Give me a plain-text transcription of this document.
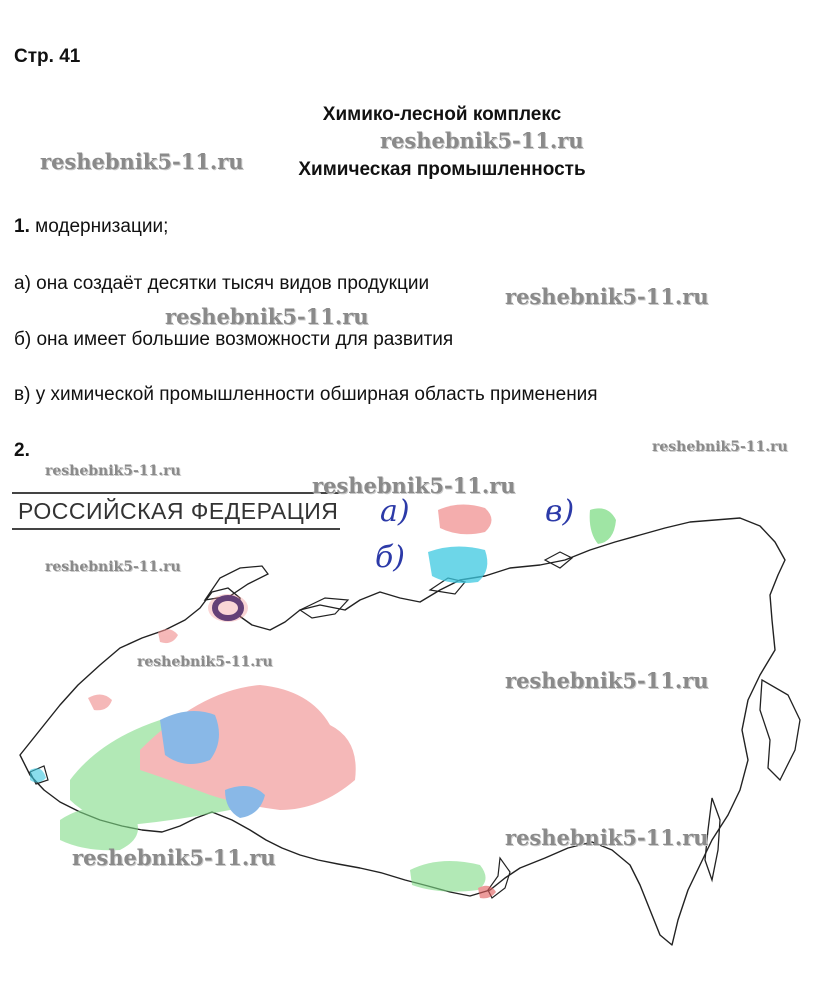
Стр. 41
Химико-лесной комплекс
Химическая промышленность
1. модернизации;
а) она создаёт десятки тысяч видов продукции
б) она имеет большие возможности для развития
в) у химической промышленности обширная область применения
2.
РОССИЙСКАЯ ФЕДЕРАЦИЯ а)
б)
в)
reshebnik5-11.ru
reshebnik5-11.ru
reshebnik5-11.ru
reshebnik5-11.ru
reshebnik5-11.ru
reshebnik5-11.ru
reshebnik5-11.ru
reshebnik5-11.ru
reshebnik5-11.ru
reshebnik5-11.ru
reshebnik5-11.ru
reshebnik5-11.ru
